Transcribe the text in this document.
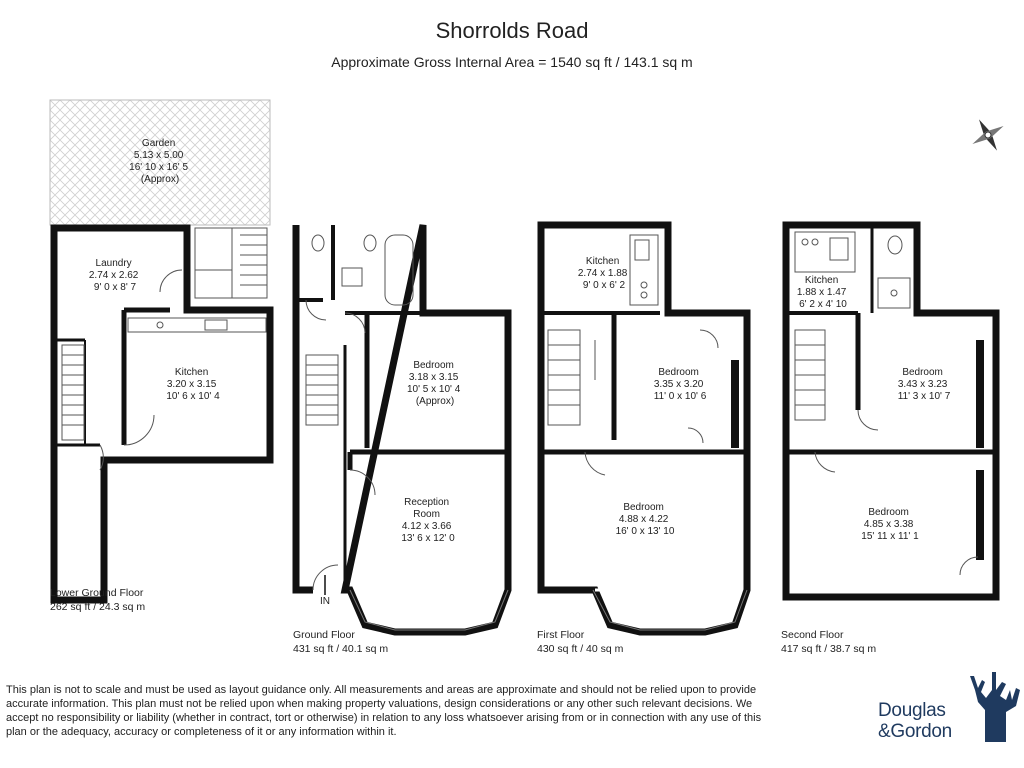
Garden 5.13 x 5.00 16' 10 x 16' 5 (Approx)
Laundry 2.74 x 2.62 9' 0 x 8' 7
Kitchen 3.20 x 3.15 10' 6 x 10' 4
Bedroom 3.18 x 3.15 10' 5 x 10' 4 (Approx)
Reception Room 4.12 x 3.66 13' 6 x 12' 0
Kitchen 2.74 x 1.88 9' 0 x 6' 2
Bedroom 3.35 x 3.20 11' 0 x 10' 6
Bedroom 4.88 x 4.22 16' 0 x 13' 10
Kitchen 1.88 x 1.47 6' 2 x 4' 10
Bedroom 3.43 x 3.23 11' 3 x 10' 7
Bedroom 4.85 x 3.38 15' 11 x 11' 1
IN
Shorrolds Road
Approximate Gross Internal Area = 1540 sq ft / 143.1 sq m
Lower Ground Floor
262 sq ft / 24.3 sq m
Ground Floor
431 sq ft / 40.1 sq m
First Floor
430 sq ft / 40 sq m
Second Floor
417 sq ft / 38.7 sq m
This plan is not to scale and must be used as layout guidance only. All measurements and areas are approximate and should not be relied upon to provide accurate information. This plan must not be relied upon when making property valuations, design considerations or any other such relevant decisions. We accept no responsibility or liability (whether in contract, tort or otherwise) in relation to any loss whatsoever arising from or in connection with any use of this plan or the adequacy, accuracy or completeness of it or any information within it.
Douglas
&Gordon
